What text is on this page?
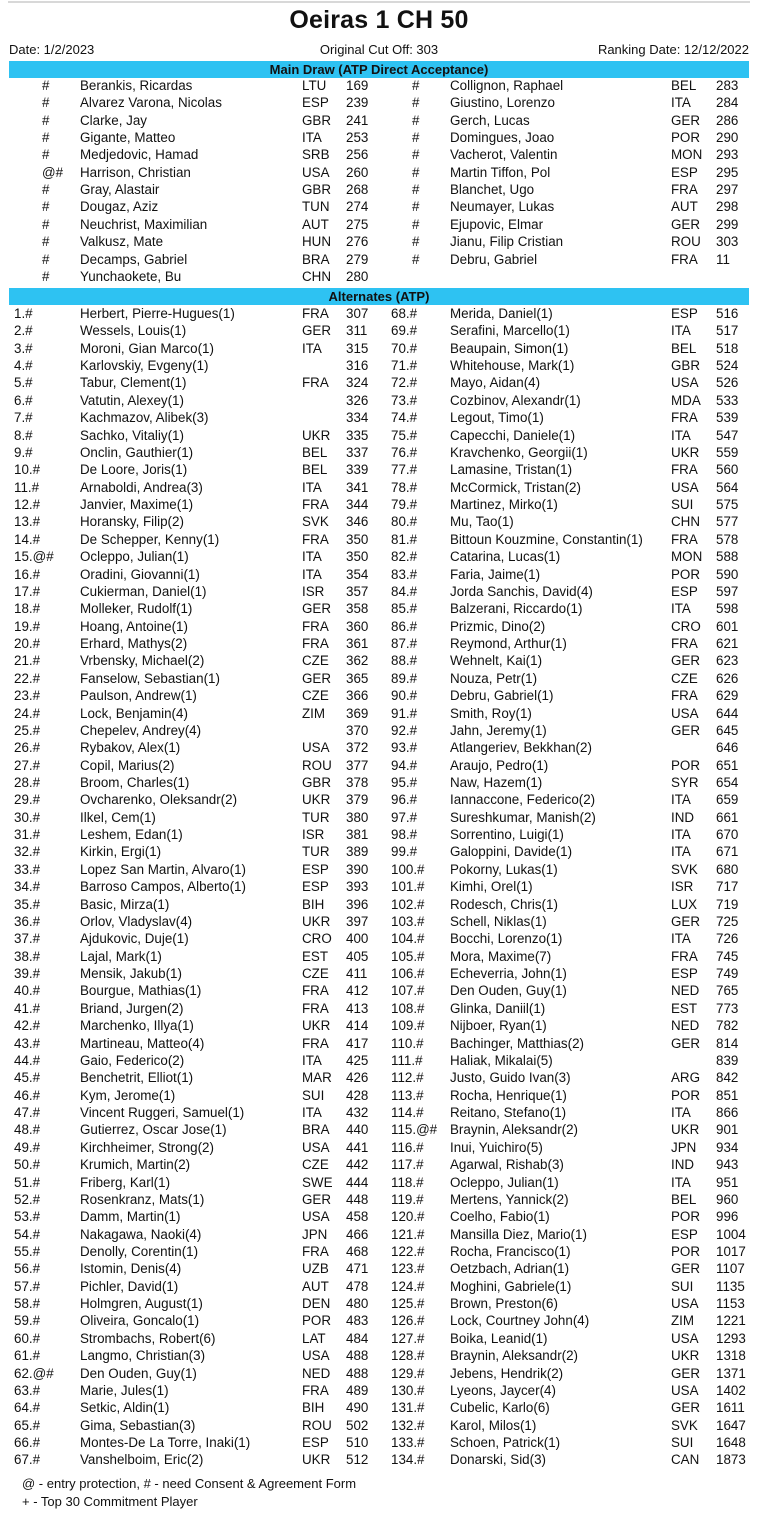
Oeiras 1 CH 50
Date: 1/2/2023	Original Cut Off: 303	Ranking Date: 12/12/2022
Main Draw (ATP Direct Acceptance)
# Berankis, Ricardas	LTU 169	# Collignon, Raphael	BEL 283
# Alvarez Varona, Nicolas	ESP 239	# Giustino, Lorenzo	ITA 284
# Clarke, Jay	GBR 241	# Gerch, Lucas	GER 286
# Gigante, Matteo	ITA 253	# Domingues, Joao	POR 290
# Medjedovic, Hamad	SRB 256	# Vacherot, Valentin	MON 293
@# Harrison, Christian	USA 260	# Martin Tiffon, Pol	ESP 295
# Gray, Alastair	GBR 268	# Blanchet, Ugo	FRA 297
# Dougaz, Aziz	TUN 274	# Neumayer, Lukas	AUT 298
# Neuchrist, Maximilian	AUT 275	# Ejupovic, Elmar	GER 299
# Valkusz, Mate	HUN 276	# Jianu, Filip Cristian	ROU 303
# Decamps, Gabriel	BRA 279	# Debru, Gabriel	FRA 11
# Yunchaokete, Bu	CHN 280
Alternates (ATP)
1.#	Herbert, Pierre-Hugues(1)	FRA 307 68.# Merida, Daniel(1)	ESP 516
2.#	Wessels, Louis(1)	GER 311 69.# Serafini, Marcello(1)	ITA 517
3.#	Moroni, Gian Marco(1)	ITA 315 70.# Beaupain, Simon(1)	BEL 518
4.#	Karlovskiy, Evgeny(1)	316 71.# Whitehouse, Mark(1)	GBR 524
5.#	Tabur, Clement(1)	FRA 324 72.# Mayo, Aidan(4)	USA 526
6.#	Vatutin, Alexey(1)	326 73.# Cozbinov, Alexandr(1)	MDA 533
7.#	Kachmazov, Alibek(3)	334 74.# Legout, Timo(1)	FRA 539
8.#	Sachko, Vitaliy(1)	UKR 335 75.# Capecchi, Daniele(1)	ITA 547
9.#	Onclin, Gauthier(1)	BEL 337 76.# Kravchenko, Georgii(1)	UKR 559
10.#	De Loore, Joris(1)	BEL 339 77.# Lamasine, Tristan(1)	FRA 560
11.#	Arnaboldi, Andrea(3)	ITA 341 78.# McCormick, Tristan(2)	USA 564
12.#	Janvier, Maxime(1)	FRA 344 79.# Martinez, Mirko(1)	SUI 575
13.#	Horansky, Filip(2)	SVK 346 80.# Mu, Tao(1)	CHN 577
14.#	De Schepper, Kenny(1)	FRA 350 81.# Bittoun Kouzmine, Constantin(1) FRA 578
15.@# Ocleppo, Julian(1)	ITA 350 82.# Catarina, Lucas(1)	MON 588
16.#	Oradini, Giovanni(1)	ITA 354 83.# Faria, Jaime(1)	POR 590
17.#	Cukierman, Daniel(1)	ISR 357 84.# Jorda Sanchis, David(4)	ESP 597
18.#	Molleker, Rudolf(1)	GER 358 85.# Balzerani, Riccardo(1)	ITA 598
19.#	Hoang, Antoine(1)	FRA 360 86.# Prizmic, Dino(2)	CRO 601
20.#	Erhard, Mathys(2)	FRA 361 87.# Reymond, Arthur(1)	FRA 621
21.#	Vrbensky, Michael(2)	CZE 362 88.# Wehnelt, Kai(1)	GER 623
22.#	Fanselow, Sebastian(1)	GER 365 89.# Nouza, Petr(1)	CZE 626
23.#	Paulson, Andrew(1)	CZE 366 90.# Debru, Gabriel(1)	FRA 629
24.#	Lock, Benjamin(4)	ZIM 369 91.# Smith, Roy(1)	USA 644
25.#	Chepelev, Andrey(4)	370 92.# Jahn, Jeremy(1)	GER 645
26.#	Rybakov, Alex(1)	USA 372 93.# Atlangeriev, Bekkhan(2)	646
27.#	Copil, Marius(2)	ROU 377 94.# Araujo, Pedro(1)	POR 651
28.#	Broom, Charles(1)	GBR 378 95.# Naw, Hazem(1)	SYR 654
29.#	Ovcharenko, Oleksandr(2)	UKR 379 96.# Iannaccone, Federico(2)	ITA 659
30.#	Ilkel, Cem(1)	TUR 380 97.# Sureshkumar, Manish(2)	IND 661
31.#	Leshem, Edan(1)	ISR 381 98.# Sorrentino, Luigi(1)	ITA 670
32.#	Kirkin, Ergi(1)	TUR 389 99.# Galoppini, Davide(1)	ITA 671
33.#	Lopez San Martin, Alvaro(1)	ESP 390 100.# Pokorny, Lukas(1)	SVK 680
34.#	Barroso Campos, Alberto(1)	ESP 393 101.# Kimhi, Orel(1)	ISR 717
35.#	Basic, Mirza(1)	BIH 396 102.# Rodesch, Chris(1)	LUX 719
36.#	Orlov, Vladyslav(4)	UKR 397 103.# Schell, Niklas(1)	GER 725
37.#	Ajdukovic, Duje(1)	CRO 400 104.# Bocchi, Lorenzo(1)	ITA 726
38.#	Lajal, Mark(1)	EST 405 105.# Mora, Maxime(7)	FRA 745
39.#	Mensik, Jakub(1)	CZE 411 106.# Echeverria, John(1)	ESP 749
40.#	Bourgue, Mathias(1)	FRA 412 107.# Den Ouden, Guy(1)	NED 765
41.#	Briand, Jurgen(2)	FRA 413 108.# Glinka, Daniil(1)	EST 773
42.#	Marchenko, Illya(1)	UKR 414 109.# Nijboer, Ryan(1)	NED 782
43.#	Martineau, Matteo(4)	FRA 417 110.# Bachinger, Matthias(2)	GER 814
44.#	Gaio, Federico(2)	ITA 425 111.# Haliak, Mikalai(5)	839
45.#	Benchetrit, Elliot(1)	MAR 426 112.# Justo, Guido Ivan(3)	ARG 842
46.#	Kym, Jerome(1)	SUI 428 113.# Rocha, Henrique(1)	POR 851
47.#	Vincent Ruggeri, Samuel(1)	ITA 432 114.# Reitano, Stefano(1)	ITA 866
48.#	Gutierrez, Oscar Jose(1)	BRA 440 115.@# Braynin, Aleksandr(2)	UKR 901
49.#	Kirchheimer, Strong(2)	USA 441 116.# Inui, Yuichiro(5)	JPN 934
50.#	Krumich, Martin(2)	CZE 442 117.# Agarwal, Rishab(3)	IND 943
51.#	Friberg, Karl(1)	SWE 444 118.# Ocleppo, Julian(1)	ITA 951
52.#	Rosenkranz, Mats(1)	GER 448 119.# Mertens, Yannick(2)	BEL 960
53.#	Damm, Martin(1)	USA 458 120.# Coelho, Fabio(1)	POR 996
54.#	Nakagawa, Naoki(4)	JPN 466 121.# Mansilla Diez, Mario(1)	ESP 1004
55.#	Denolly, Corentin(1)	FRA 468 122.# Rocha, Francisco(1)	POR 1017
56.#	Istomin, Denis(4)	UZB 471 123.# Oetzbach, Adrian(1)	GER 1107
57.#	Pichler, David(1)	AUT 478 124.# Moghini, Gabriele(1)	SUI 1135
58.#	Holmgren, August(1)	DEN 480 125.# Brown, Preston(6)	USA 1153
59.#	Oliveira, Goncalo(1)	POR 483 126.# Lock, Courtney John(4)	ZIM 1221
60.#	Strombachs, Robert(6)	LAT 484 127.# Boika, Leanid(1)	USA 1293
61.#	Langmo, Christian(3)	USA 488 128.# Braynin, Aleksandr(2)	UKR 1318
62.@# Den Ouden, Guy(1)	NED 488 129.# Jebens, Hendrik(2)	GER 1371
63.#	Marie, Jules(1)	FRA 489 130.# Lyeons, Jaycer(4)	USA 1402
64.#	Setkic, Aldin(1)	BIH 490 131.# Cubelic, Karlo(6)	GER 1611
65.#	Gima, Sebastian(3)	ROU 502 132.# Karol, Milos(1)	SVK 1647
66.#	Montes-De La Torre, Inaki(1)	ESP 510 133.# Schoen, Patrick(1)	SUI 1648
67.#	Vanshelboim, Eric(2)	UKR 512 134.# Donarski, Sid(3)	CAN 1873
@ - entry protection, # - need Consent & Agreement Form
+ - Top 30 Commitment Player
